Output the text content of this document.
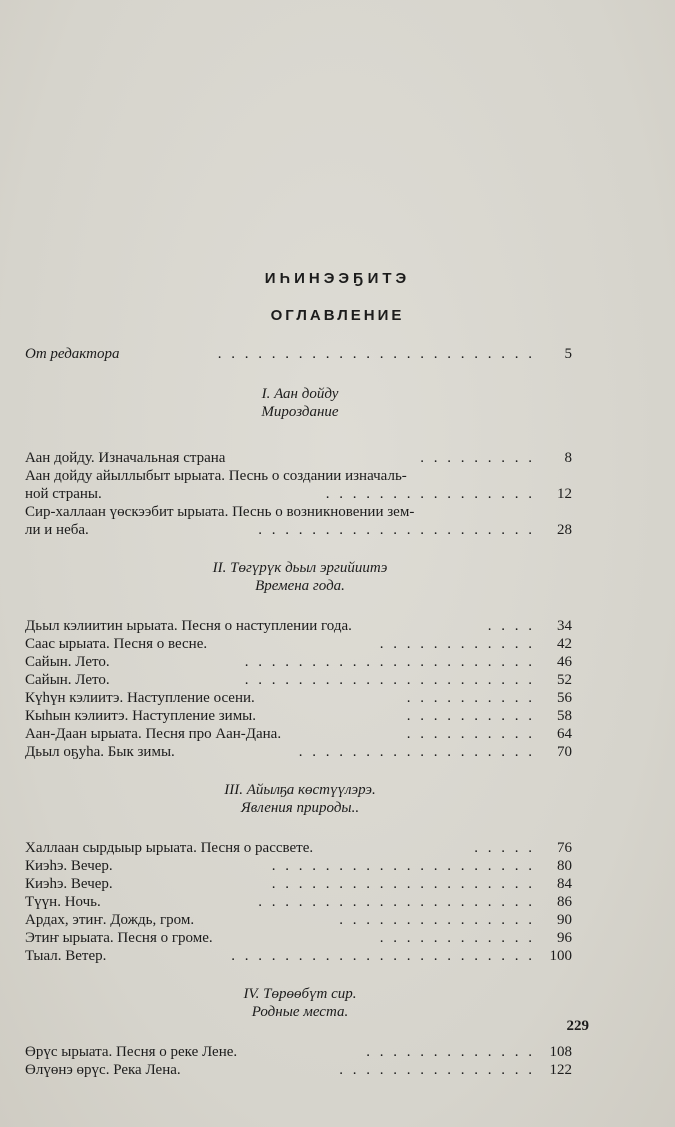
ИҺИНЭЭҔИТЭ
ОГЛАВЛЕНИЕ
От редактора	. . . . . . . . . . . . . . . . . . . . . . . . 5
I. Аан дойду
Мироздание
Аан дойду. Изначальная страна	. . . . . . . . . 8
Аан дойду айыллыбыт ырыата. Песнь о создании изначаль-
ной страны.	. . . . . . . . . . . . . . . . 12
Сир-халлаан үөскээбит ырыата. Песнь о возникновении зем-
ли и неба.	. . . . . . . . . . . . . . . . . . . . . 28
II. Төгүрүк дьыл эргийиитэ
Времена года.
Дьыл кэлиитин ырыата. Песня о наступлении года.	. . . . 34
Саас ырыата. Песня о весне.	. . . . . . . . . . . . 42
Сайын. Лето.	. . . . . . . . . . . . . . . . . . . . . . 46
Сайын. Лето.	. . . . . . . . . . . . . . . . . . . . . . 52
Күһүн кэлиитэ. Наступление осени.	. . . . . . . . . . 56
Кыһын кэлиитэ. Наступление зимы.	. . . . . . . . . . 58
Аан-Даан ырыата. Песня про Аан-Дана.	. . . . . . . . . . 64
Дьыл оҕуһа. Бык зимы.	. . . . . . . . . . . . . . . . . . 70
III. Айылҕа көстүүлэрэ.
Явления природы..
Халлаан сырдыыр ырыата. Песня о рассвете.	. . . . . 76
Киэһэ. Вечер.	. . . . . . . . . . . . . . . . . . . . 80
Киэһэ. Вечер.	. . . . . . . . . . . . . . . . . . . . 84
Түүн. Ночь.	. . . . . . . . . . . . . . . . . . . . . 86
Ардах, этиҥ. Дождь, гром.	. . . . . . . . . . . . . . . 90
Этиҥ ырыата. Песня о громе.	. . . . . . . . . . . . 96
Тыал. Ветер.	. . . . . . . . . . . . . . . . . . . . . . . 100
IV. Төрөөбүт сир.
Родные места.
Өрүс ырыата. Песня о реке Лене.	. . . . . . . . . . . . . 108
Өлүөнэ өрүс. Река Лена.	. . . . . . . . . . . . . . . 122
229
